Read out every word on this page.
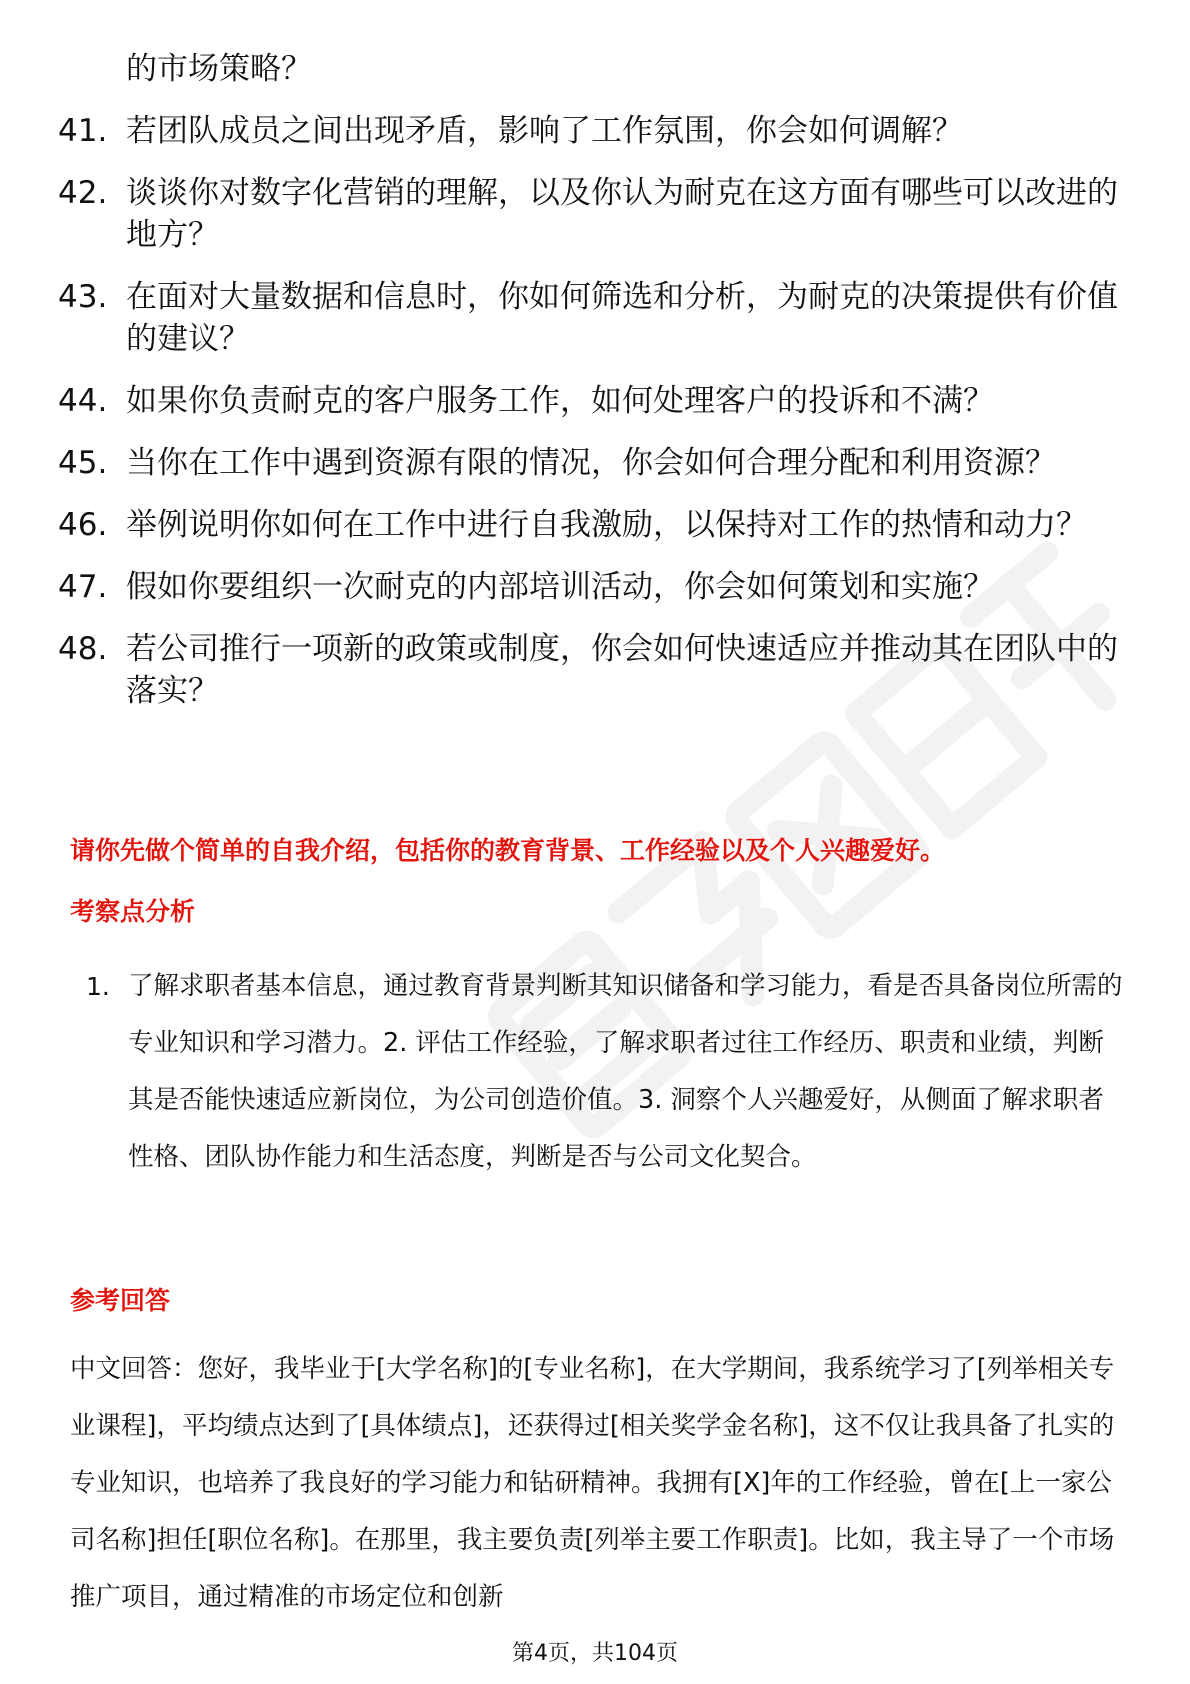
的市场策略？
41. 若团队成员之间出现矛盾，影响了工作氛围，你会如何调解？

42. 谈谈你对数字化营销的理解，以及你认为耐克在这方面有哪些可以改进的地方？

43. 在面对大量数据和信息时，你如何筛选和分析，为耐克的决策提供有价值的建议？

44. 如果你负责耐克的客户服务工作，如何处理客户的投诉和不满？

45. 当你在工作中遇到资源有限的情况，你会如何合理分配和利用资源？

46. 举例说明你如何在工作中进行自我激励，以保持对工作的热情和动力？

47. 假如你要组织一次耐克的内部培训活动，你会如何策划和实施？

48. 若公司推行一项新的政策或制度，你会如何快速适应并推动其在团队中的落实？

请你先做个简单的自我介绍，包括你的教育背景、工作经验以及个人兴趣爱好。
考察点分析
1. 了解求职者基本信息，通过教育背景判断其知识储备和学习能力，看是否具备岗位所需的专业知识和学习潜力。2. 评估工作经验，了解求职者过往工作经历、职责和业绩，判断其是否能快速适应新岗位，为公司创造价值。3. 洞察个人兴趣爱好，从侧面了解求职者性格、团队协作能力和生活态度，判断是否与公司文化契合。

参考回答

中文回答：您好，我毕业于[大学名称]的[专业名称]，在大学期间，我系统学习了[列举相关专业课程]，平均绩点达到了[具体绩点]，还获得过[相关奖学金名称]，这不仅让我具备了扎实的专业知识，也培养了我良好的学习能力和钻研精神。我拥有[X]年的工作经验，曾在[上一家公司名称]担任[职位名称]。在那里，我主要负责[列举主要工作职责]。比如，我主导了一个市场推广项目，通过精准的市场定位和创新

第4页，共104页
